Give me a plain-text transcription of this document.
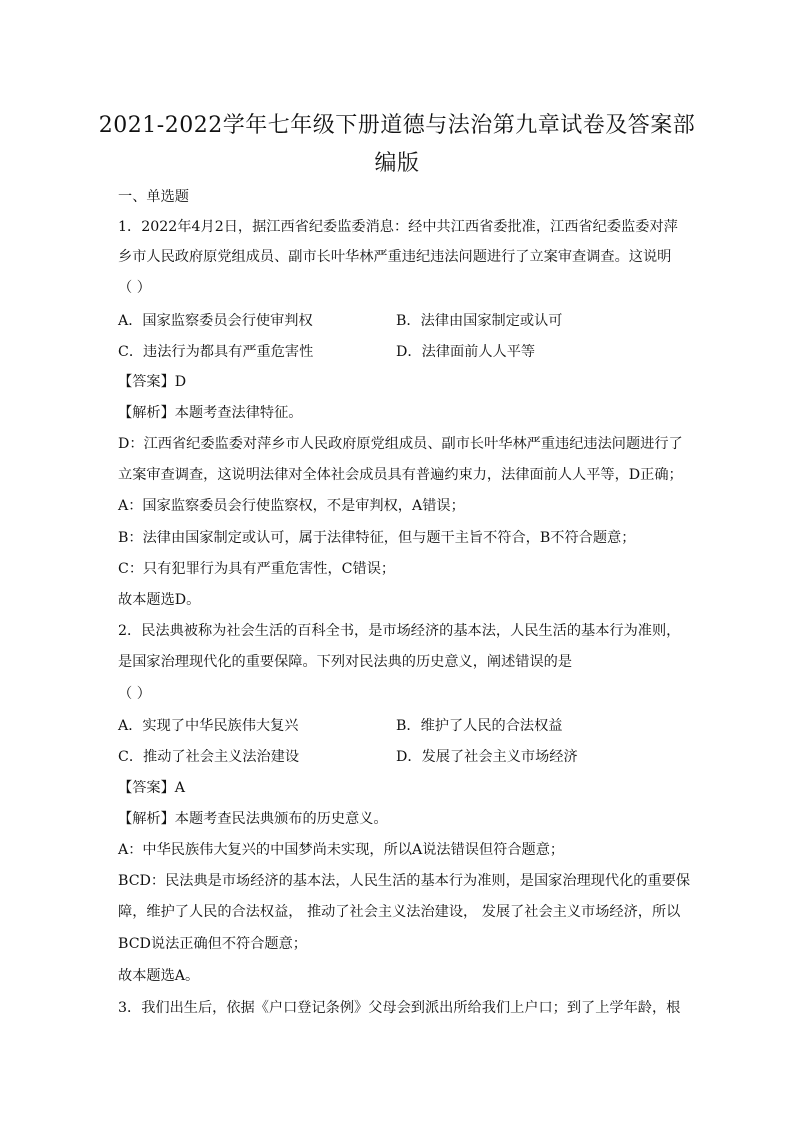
2021-2022学年七年级下册道德与法治第九章试卷及答案部
编版
一、单选题
1．2022年4月2日，据江西省纪委监委消息：经中共江西省委批准，江西省纪委监委对萍
乡市人民政府原党组成员、副市长叶华林严重违纪违法问题进行了立案审查调查。这说明
（ ）
A．国家监察委员会行使审判权	B．法律由国家制定或认可
C．违法行为都具有严重危害性	D．法律面前人人平等
【答案】D
【解析】本题考查法律特征。
D：江西省纪委监委对萍乡市人民政府原党组成员、副市长叶华林严重违纪违法问题进行了
立案审查调查，这说明法律对全体社会成员具有普遍约束力，法律面前人人平等，D正确；
A：国家监察委员会行使监察权，不是审判权，A错误；
B：法律由国家制定或认可，属于法律特征，但与题干主旨不符合，B不符合题意；
C：只有犯罪行为具有严重危害性，C错误；
故本题选D。
2．民法典被称为社会生活的百科全书，是市场经济的基本法，人民生活的基本行为准则，
是国家治理现代化的重要保障。下列对民法典的历史意义，阐述错误的是
（ ）
A．实现了中华民族伟大复兴	B．维护了人民的合法权益
C．推动了社会主义法治建设	D．发展了社会主义市场经济
【答案】A
【解析】本题考查民法典颁布的历史意义。
A：中华民族伟大复兴的中国梦尚未实现，所以A说法错误但符合题意；
BCD：民法典是市场经济的基本法，人民生活的基本行为准则，是国家治理现代化的重要保
障，维护了人民的合法权益， 推动了社会主义法治建设， 发展了社会主义市场经济，所以
BCD说法正确但不符合题意；
故本题选A。
3．我们出生后，依据《户口登记条例》父母会到派出所给我们上户口；到了上学年龄，根
